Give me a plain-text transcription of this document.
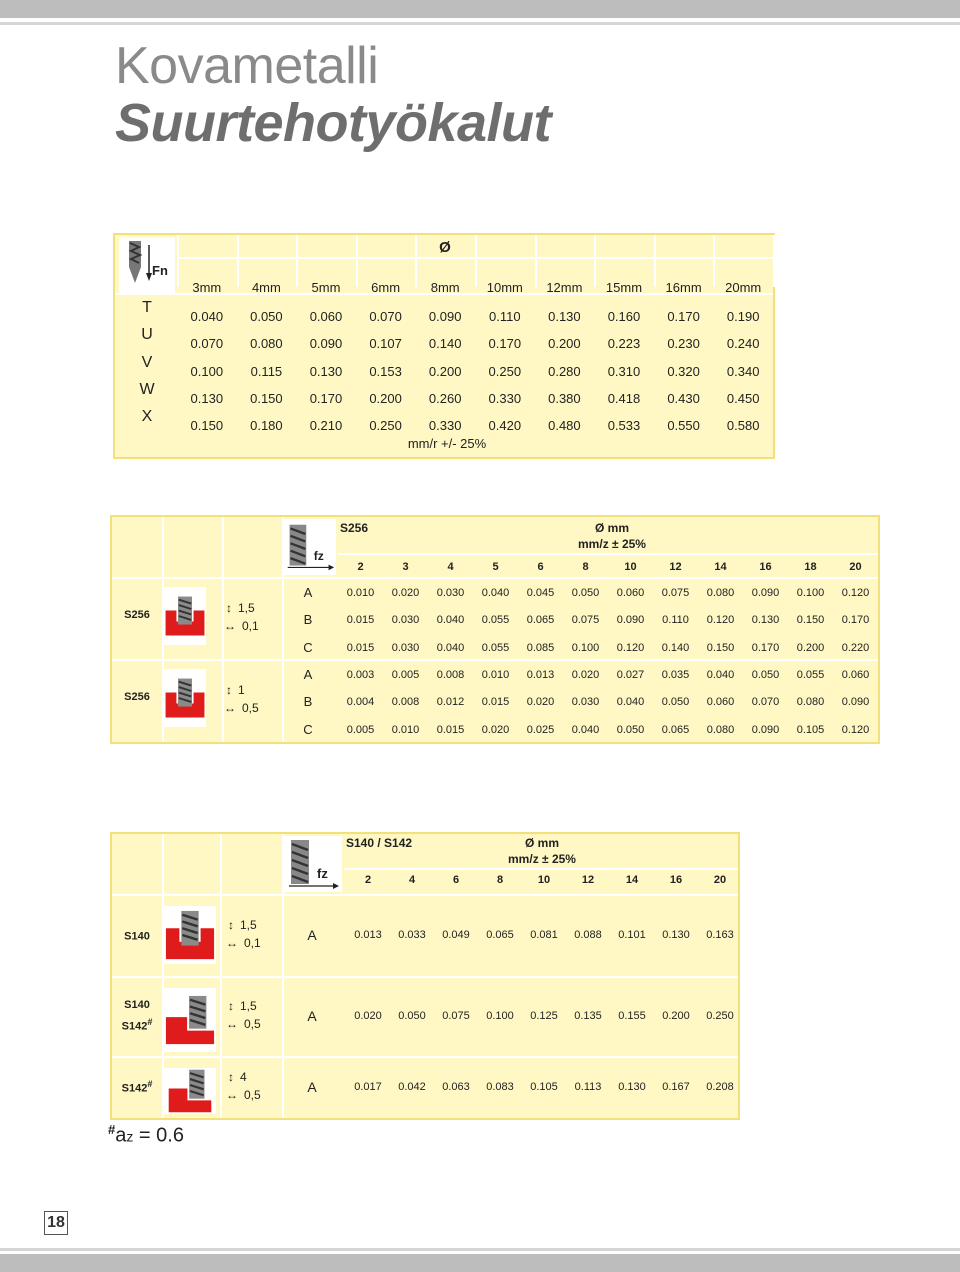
Kovametalli
Suurtehotyökalut
Fn
Ø
3mm	4mm	5mm	6mm	8mm	10mm	12mm	15mm	16mm	20mm
T
0.040	0.050	0.060	0.070	0.090	0.110	0.130	0.160	0.170	0.190
U
0.070	0.080	0.090	0.107	0.140	0.170	0.200	0.223	0.230	0.240
V
0.100	0.115	0.130	0.153	0.200	0.250	0.280	0.310	0.320	0.340
W
0.130	0.150	0.170	0.200	0.260	0.330	0.380	0.418	0.430	0.450
X
0.150	0.180	0.210	0.250	0.330	0.420	0.480	0.533	0.550	0.580
mm/r +/- 25%
fz
S256	Ø mm
mm/z ± 25%
2	3	4	5	6	8	10	12	14	16	18	20
S256	↕ 1,5
↔ 0,1
A	0.010	0.020	0.030	0.040	0.045	0.050	0.060	0.075	0.080	0.090	0.100	0.120
B	0.015	0.030	0.040	0.055	0.065	0.075	0.090	0.110	0.120	0.130	0.150	0.170
C	0.015	0.030	0.040	0.055	0.085	0.100	0.120	0.140	0.150	0.170	0.200	0.220
S256	↕ 1
↔ 0,5
A	0.003	0.005	0.008	0.010	0.013	0.020	0.027	0.035	0.040	0.050	0.055	0.060
B	0.004	0.008	0.012	0.015	0.020	0.030	0.040	0.050	0.060	0.070	0.080	0.090
C	0.005	0.010	0.015	0.020	0.025	0.040	0.050	0.065	0.080	0.090	0.105	0.120
fz
S140 / S142	Ø mm
mm/z ± 25%
2	4	6	8	10	12	14	16	20
S140
↕ 1,5
↔ 0,1	A	0.013	0.033	0.049	0.065	0.081	0.088	0.101	0.130	0.163
S140
S142#
↕ 1,5
↔ 0,5	A	0.020	0.050	0.075	0.100	0.125	0.135	0.155	0.200	0.250
S142#	↕ 4
↔ 0,5	A	0.017	0.042	0.063	0.083	0.105	0.113	0.130	0.167	0.208
#az = 0.6
18
